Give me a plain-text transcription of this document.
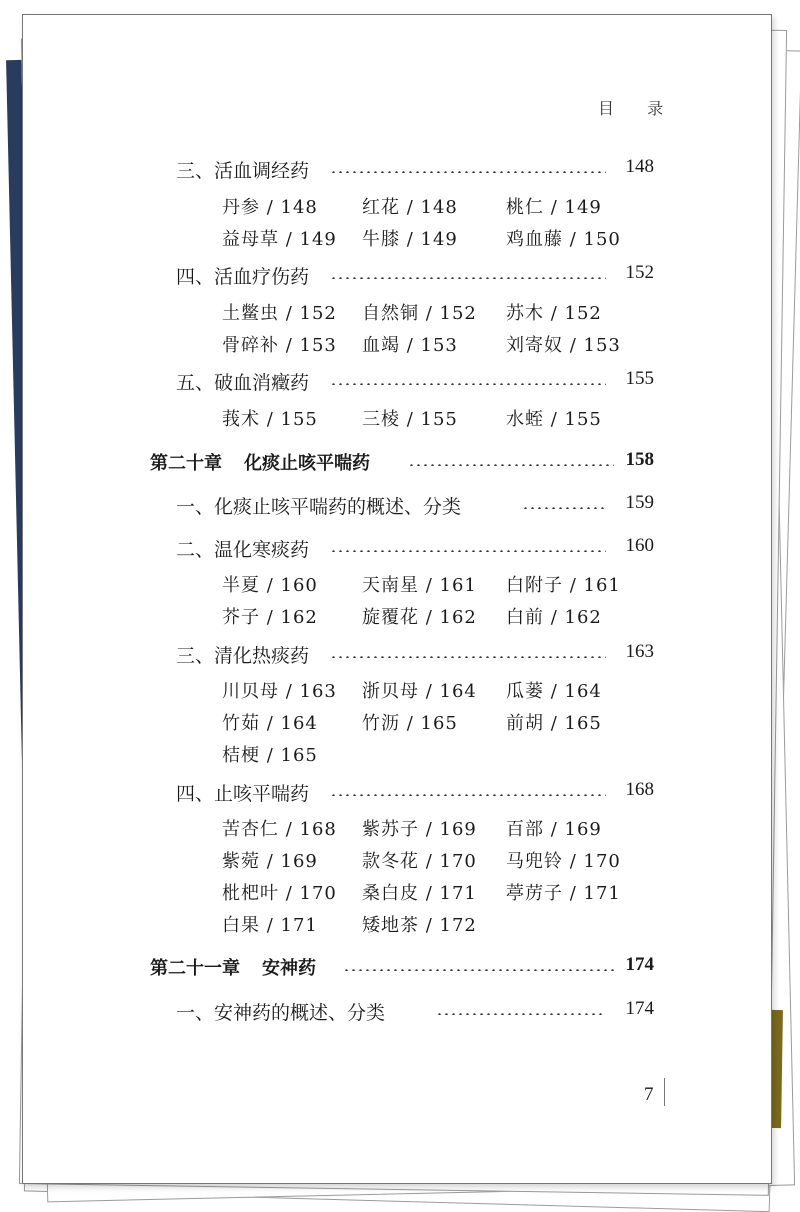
目 录
三、活血调经药	148
丹参 / 148 红花 / 148	桃仁 / 149
益母草 / 149 牛膝 / 149	鸡血藤 / 150
四、活血疗伤药	152
土鳖虫 / 152 自然铜 / 152 苏木 / 152
骨碎补 / 153 血竭 / 153	刘寄奴 / 153
五、破血消癥药	155
莪术 / 155 三棱 / 155	水蛭 / 155
第二十章 化痰止咳平喘药	158
一、化痰止咳平喘药的概述、分类	159
二、温化寒痰药	160
半夏 / 160 天南星 / 161 白附子 / 161
芥子 / 162 旋覆花 / 162 白前 / 162
三、清化热痰药	163
川贝母 / 163 浙贝母 / 164 瓜蒌 / 164
竹茹 / 164 竹沥 / 165	前胡 / 165
桔梗 / 165
四、止咳平喘药	168
苦杏仁 / 168 紫苏子 / 169 百部 / 169
紫菀 / 169 款冬花 / 170 马兜铃 / 170
枇杷叶 / 170 桑白皮 / 171 葶苈子 / 171
白果 / 171 矮地茶 / 172
第二十一章 安神药	174
一、安神药的概述、分类	174
7
